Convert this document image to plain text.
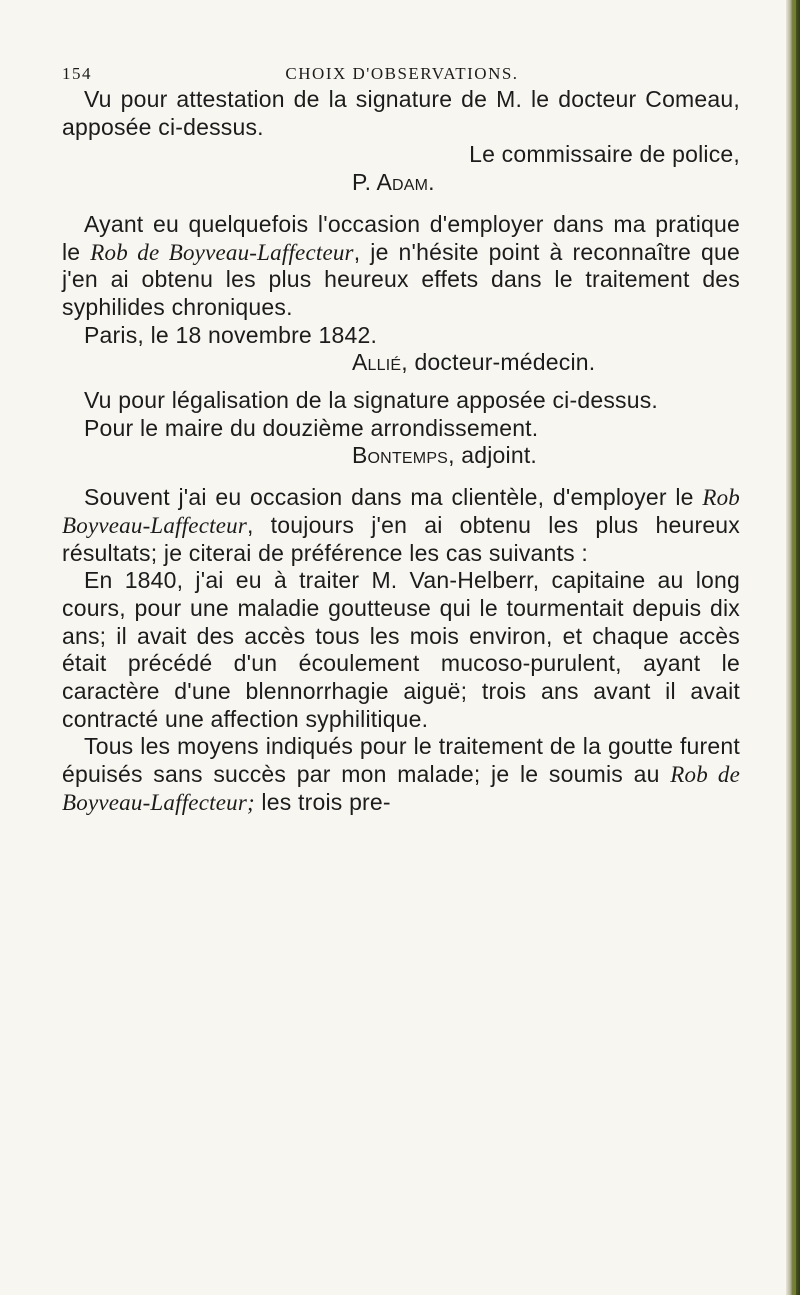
154	CHOIX D'OBSERVATIONS.

Vu pour attestation de la signature de M. le docteur Comeau, apposée ci-dessus.

Le commissaire de police,

P. Adam.

Ayant eu quelquefois l'occasion d'employer dans ma pratique le Rob de Boyveau-Laffecteur, je n'hésite point à reconnaître que j'en ai obtenu les plus heureux effets dans le traitement des syphilides chroniques.

Paris, le 18 novembre 1842.

Allié, docteur-médecin.

Vu pour légalisation de la signature apposée ci-dessus.

Pour le maire du douzième arrondissement.

Bontemps, adjoint.

Souvent j'ai eu occasion dans ma clientèle, d'employer le Rob Boyveau-Laffecteur, toujours j'en ai obtenu les plus heureux résultats; je citerai de préférence les cas suivants :

En 1840, j'ai eu à traiter M. Van-Helberr, capitaine au long cours, pour une maladie goutteuse qui le tourmentait depuis dix ans; il avait des accès tous les mois environ, et chaque accès était précédé d'un écoulement mucoso-purulent, ayant le caractère d'une blennorrhagie aiguë; trois ans avant il avait contracté une affection syphilitique.

Tous les moyens indiqués pour le traitement de la goutte furent épuisés sans succès par mon malade; je le soumis au Rob de Boyveau-Laffecteur; les trois pre-
